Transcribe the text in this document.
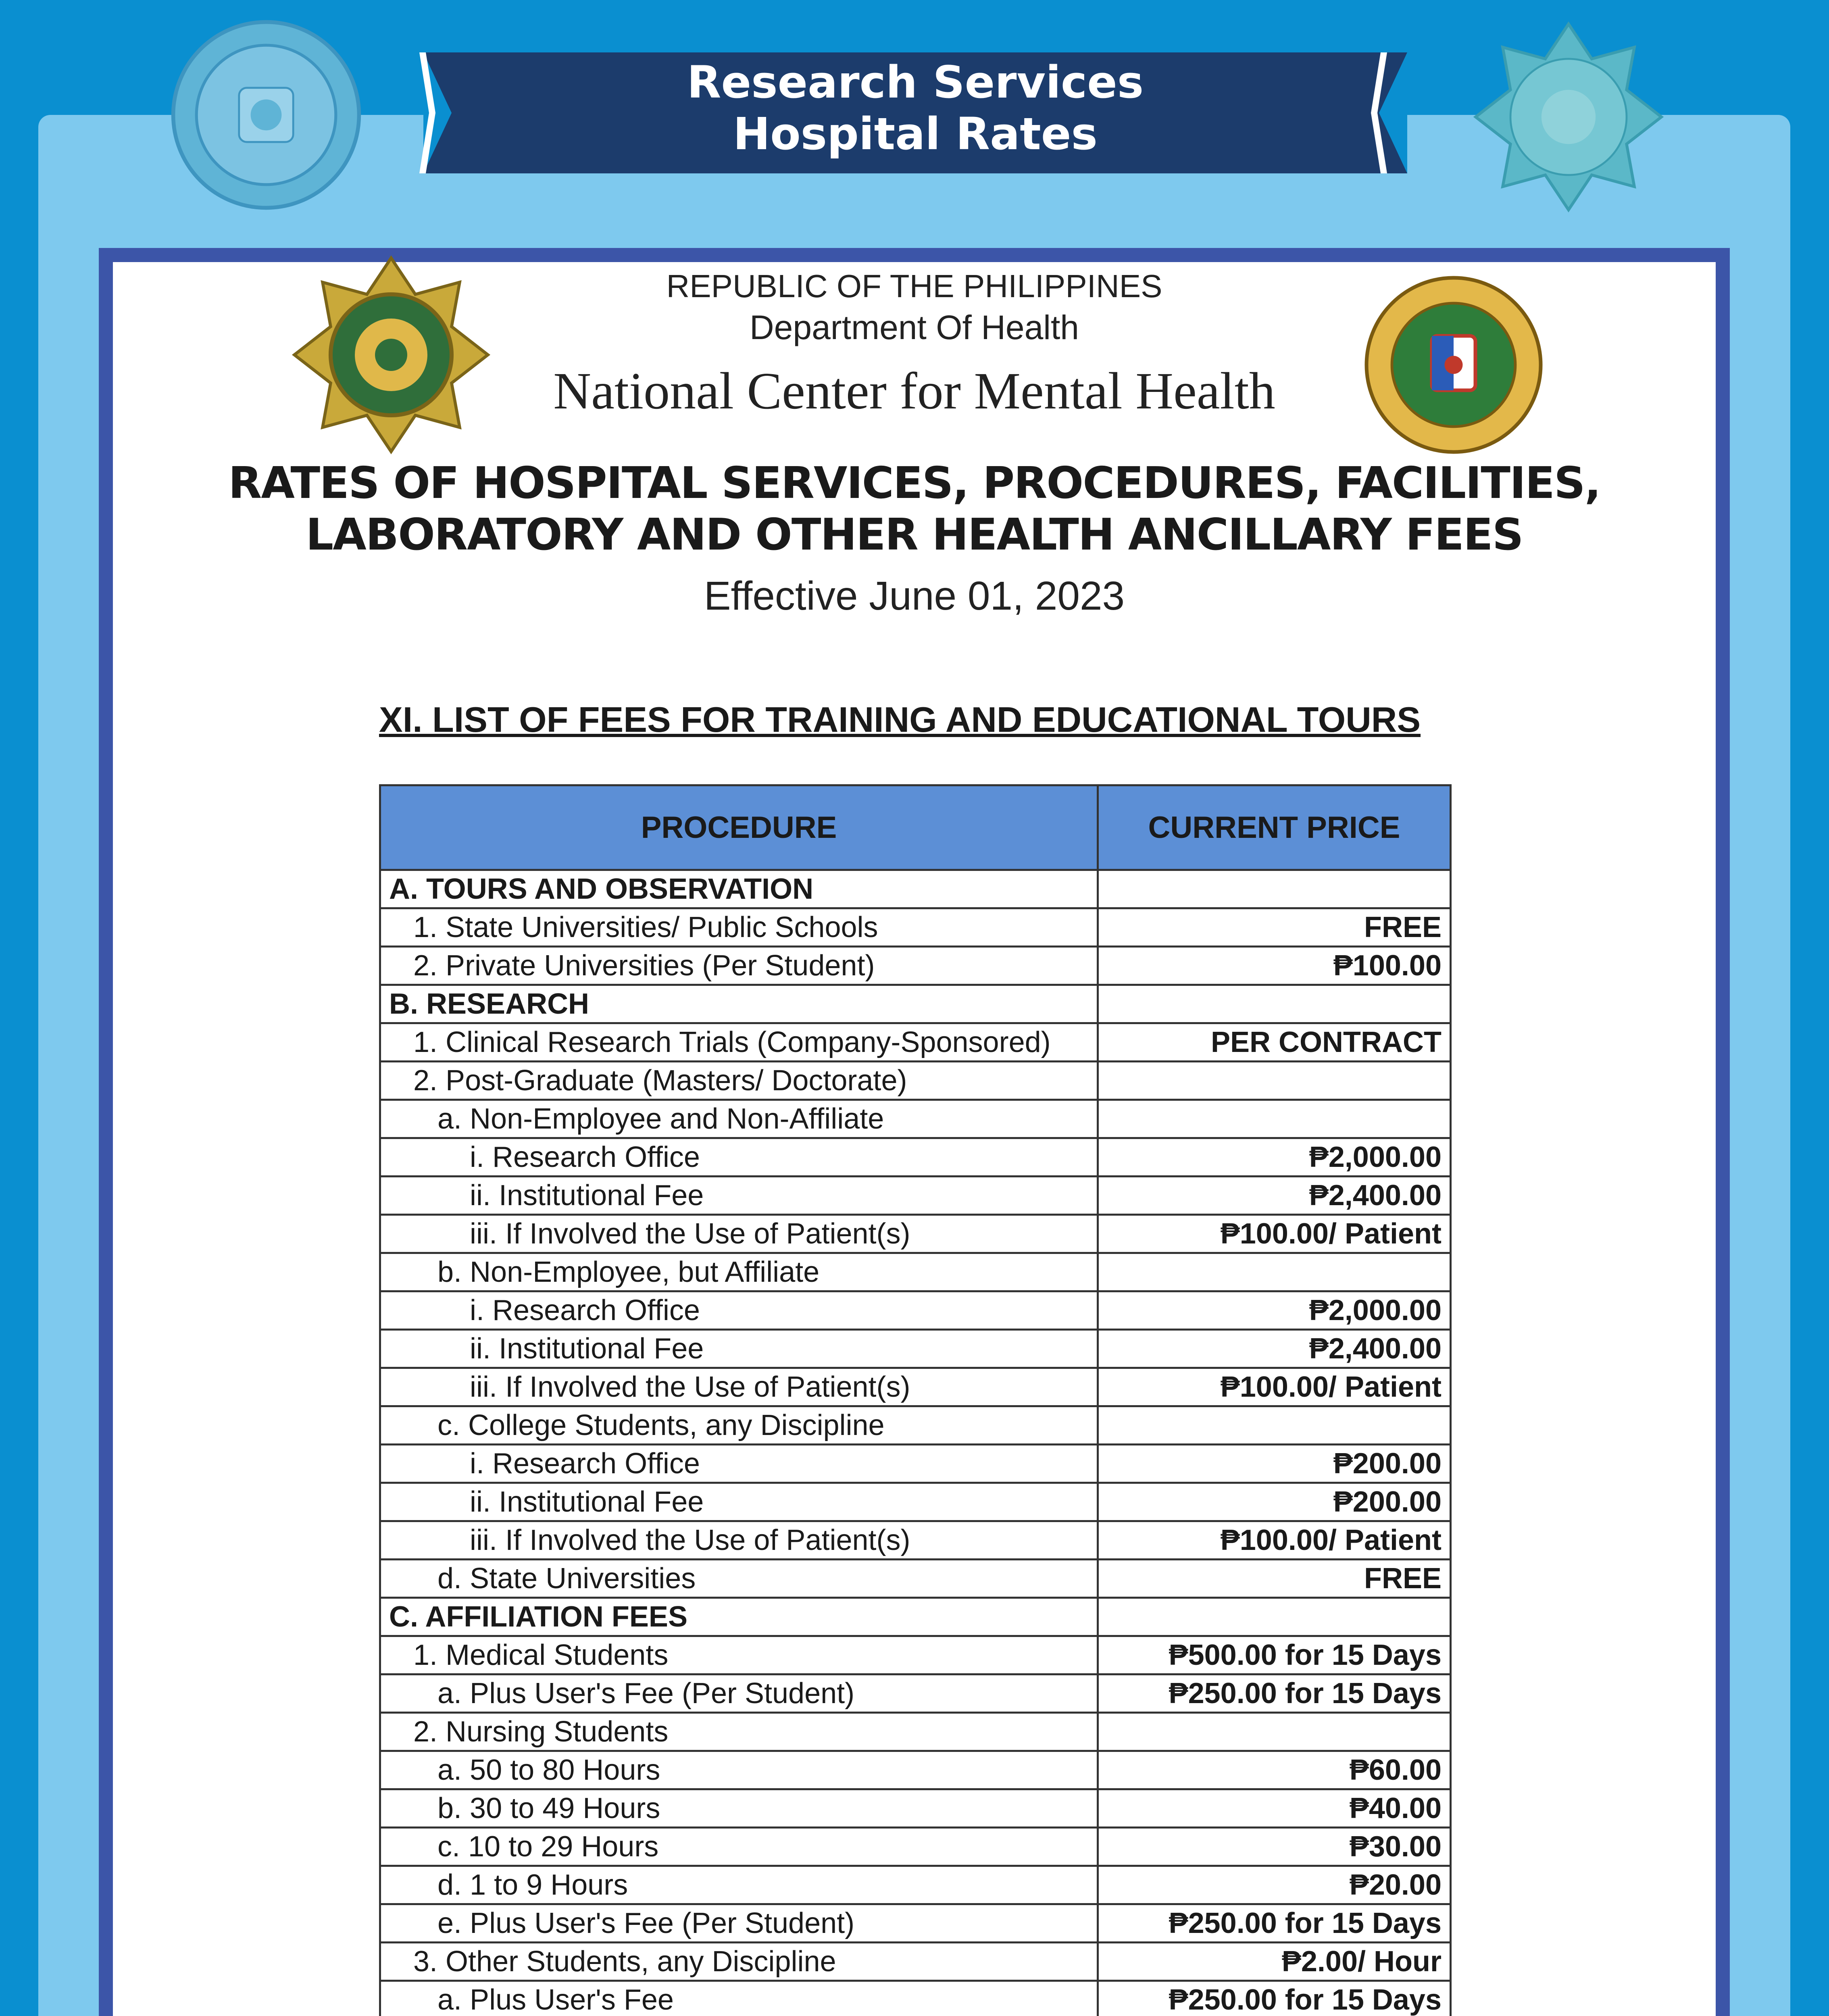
Research Services
Hospital Rates
REPUBLIC OF THE PHILIPPINES
Department Of Health
National Center for Mental Health
RATES OF HOSPITAL SERVICES, PROCEDURES, FACILITIES,
LABORATORY AND OTHER HEALTH ANCILLARY FEES
Effective June 01, 2023
XI. LIST OF FEES FOR TRAINING AND EDUCATIONAL TOURS
PROCEDURE	CURRENT PRICE
A. TOURS AND OBSERVATION	
1. State Universities/ Public Schools	FREE
2. Private Universities (Per Student)	₱100.00
B. RESEARCH	
1. Clinical Research Trials (Company-Sponsored)	PER CONTRACT
2. Post-Graduate (Masters/ Doctorate)	
a. Non-Employee and Non-Affiliate	
i. Research Office	₱2,000.00
ii. Institutional Fee	₱2,400.00
iii. If Involved the Use of Patient(s)	₱100.00/ Patient
b. Non-Employee, but Affiliate	
i. Research Office	₱2,000.00
ii. Institutional Fee	₱2,400.00
iii. If Involved the Use of Patient(s)	₱100.00/ Patient
c. College Students, any Discipline	
i. Research Office	₱200.00
ii. Institutional Fee	₱200.00
iii. If Involved the Use of Patient(s)	₱100.00/ Patient
d. State Universities	FREE
C. AFFILIATION FEES	
1. Medical Students	₱500.00 for 15 Days
a. Plus User's Fee (Per Student)	₱250.00 for 15 Days
2. Nursing Students	
a. 50 to 80 Hours	₱60.00
b. 30 to 49 Hours	₱40.00
c. 10 to 29 Hours	₱30.00
d. 1 to 9 Hours	₱20.00
e. Plus User's Fee (Per Student)	₱250.00 for 15 Days
3. Other Students, any Discipline	₱2.00/ Hour
a. Plus User's Fee	₱250.00 for 15 Days
